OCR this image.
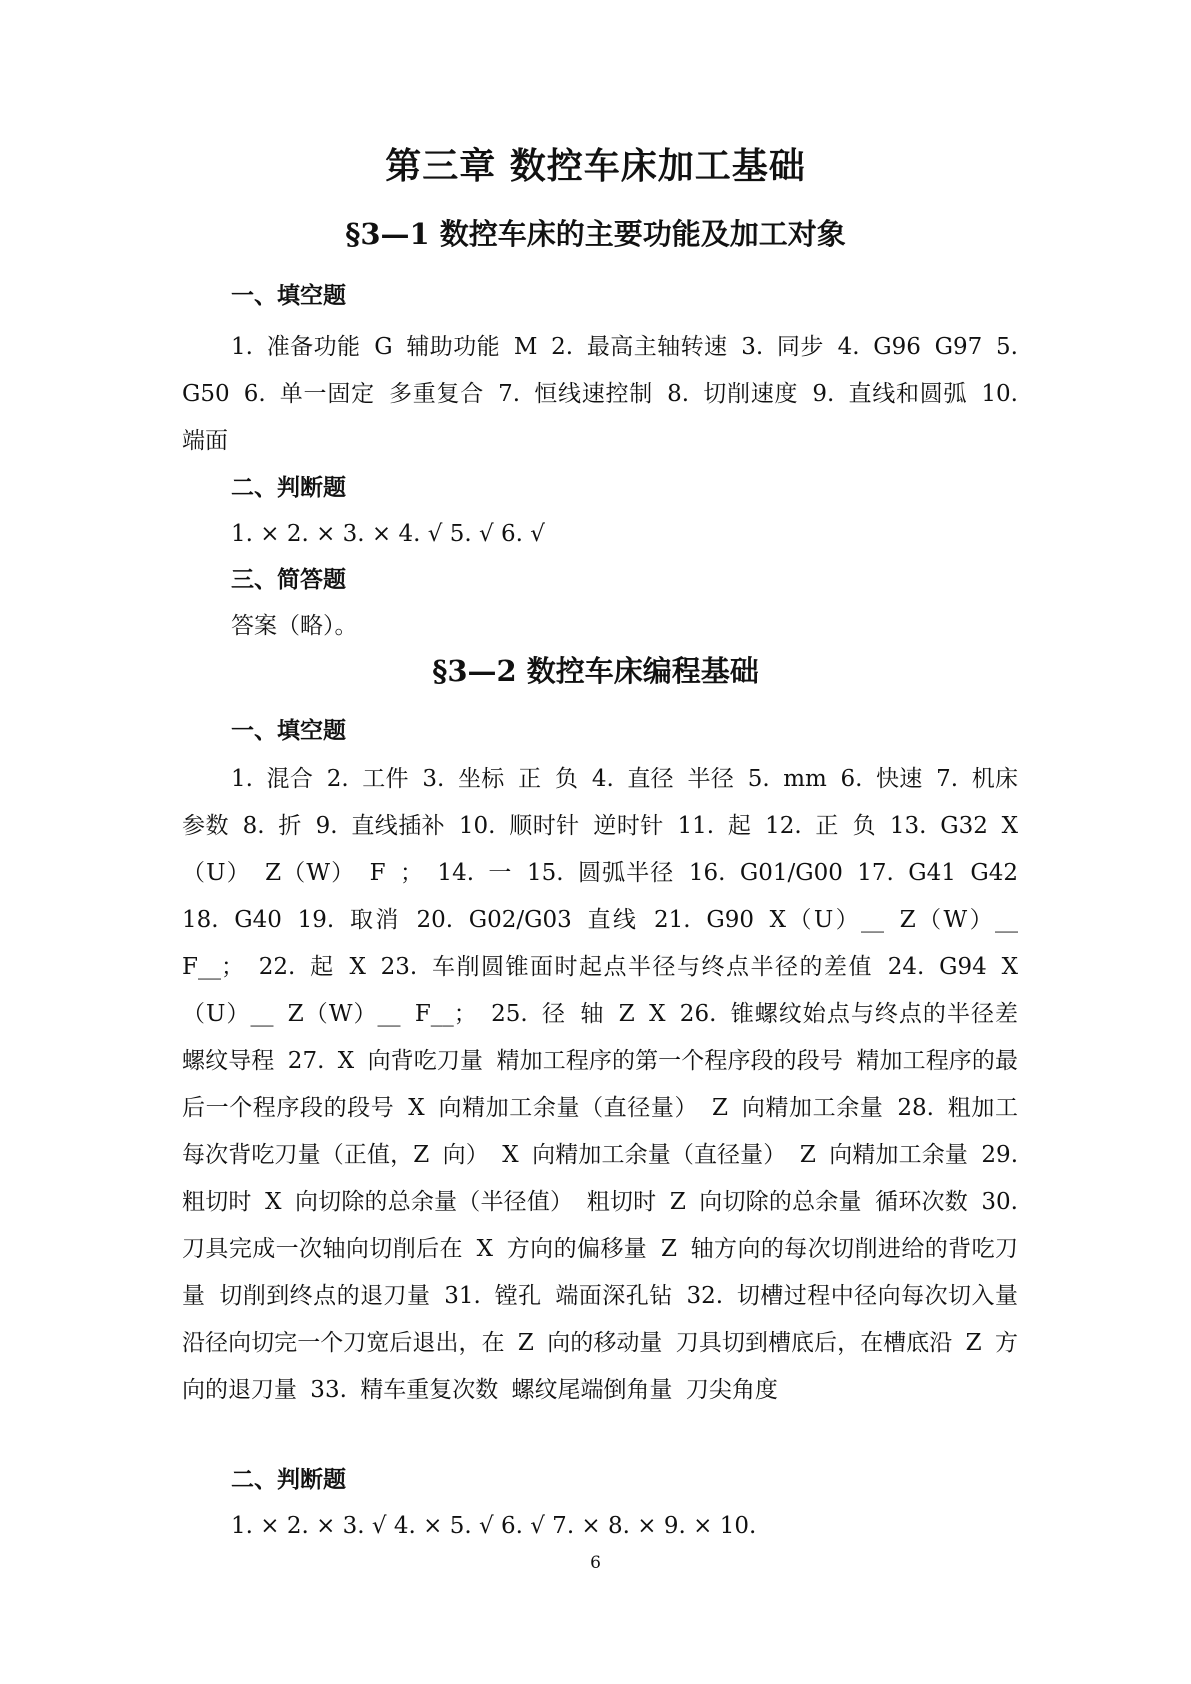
第三章 数控车床加工基础
§3—1 数控车床的主要功能及加工对象
一、填空题
1. 准备功能 G 辅助功能 M 2. 最高主轴转速 3. 同步 4. G96 G97 5. G50 6. 单一固定 多重复合 7. 恒线速控制 8. 切削速度 9. 直线和圆弧 10. 端面
二、判断题
1. × 2. × 3. × 4. √ 5. √ 6. √
三、简答题
答案（略）。
§3—2 数控车床编程基础
一、填空题
1. 混合 2. 工件 3. 坐标 正 负 4. 直径 半径 5. mm 6. 快速 7. 机床参数 8. 折 9. 直线插补 10. 顺时针 逆时针 11. 起 12. 正 负 13. G32 X（U） Z（W） F ； 14. 一 15. 圆弧半径 16. G01/G00 17. G41 G42 18. G40 19. 取消 20. G02/G03 直线 21. G90 X（U）__ Z（W）__ F__； 22. 起 X 23. 车削圆锥面时起点半径与终点半径的差值 24. G94 X（U）__ Z（W）__ F__； 25. 径 轴 Z X 26. 锥螺纹始点与终点的半径差 螺纹导程 27. X 向背吃刀量 精加工程序的第一个程序段的段号 精加工程序的最后一个程序段的段号 X 向精加工余量（直径量） Z 向精加工余量 28. 粗加工每次背吃刀量（正值，Z 向） X 向精加工余量（直径量） Z 向精加工余量 29. 粗切时 X 向切除的总余量（半径值） 粗切时 Z 向切除的总余量 循环次数 30. 刀具完成一次轴向切削后在 X 方向的偏移量 Z 轴方向的每次切削进给的背吃刀量 切削到终点的退刀量 31. 镗孔 端面深孔钻 32. 切槽过程中径向每次切入量 沿径向切完一个刀宽后退出，在 Z 向的移动量 刀具切到槽底后，在槽底沿 Z 方向的退刀量 33. 精车重复次数 螺纹尾端倒角量 刀尖角度
二、判断题
1. × 2. × 3. √ 4. × 5. √ 6. √ 7. × 8. × 9. × 10.
6
